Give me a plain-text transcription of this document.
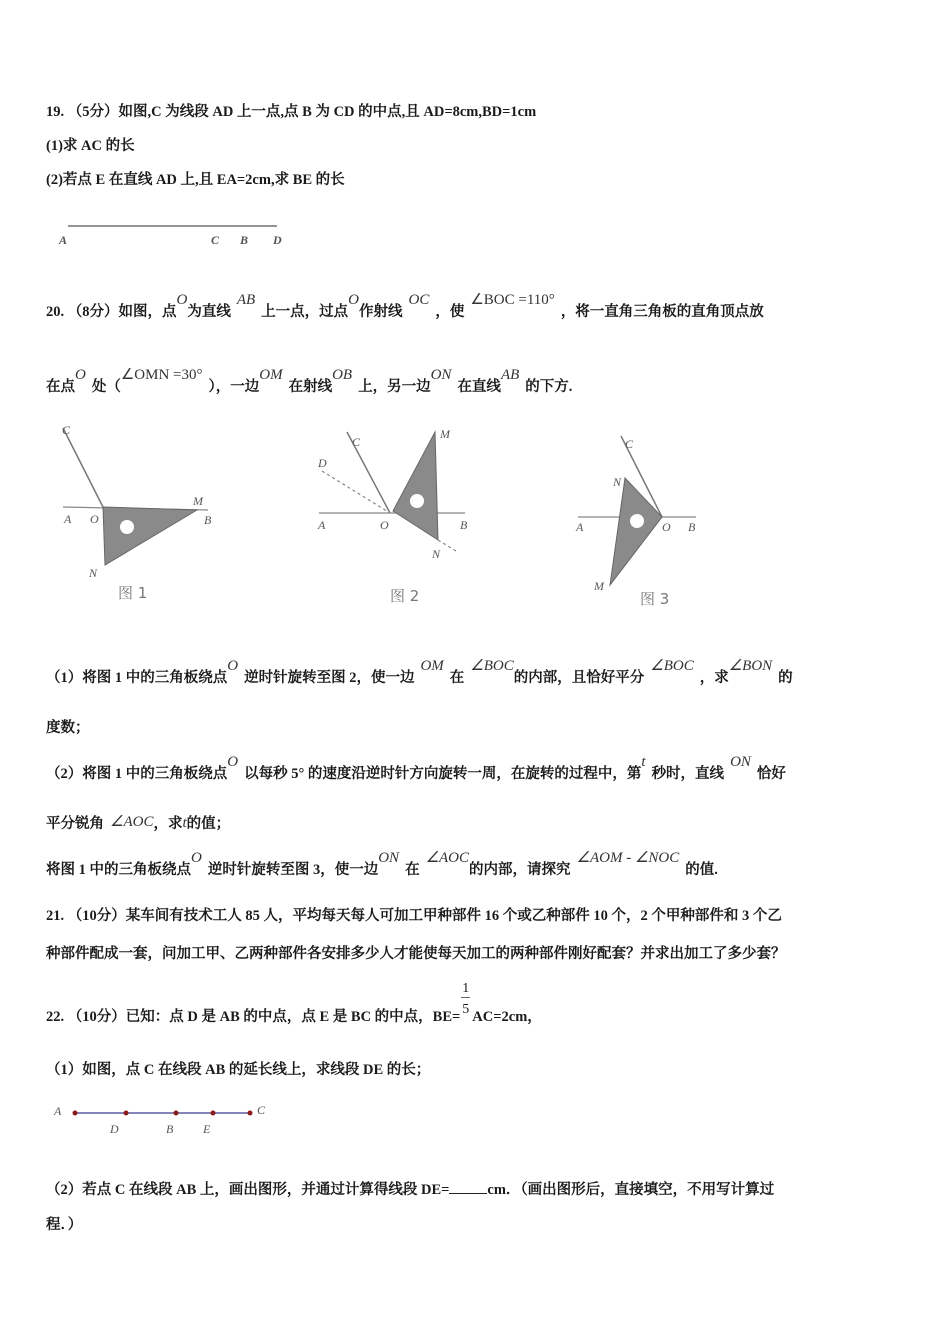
19. （5分）如图,C 为线段 AD 上一点,点 B 为 CD 的中点,且 AD=8cm,BD=1cm
(1)求 AC 的长
(2)若点 E 在直线 AD 上,且 EA=2cm,求 BE 的长
A	C B D
20. （8分）如图，点O为直线AB上一点，过点O作射线OC，使∠BOC =110°，将一直角三角板的直角顶点放
在点O处（∠OMN =30°），一边OM在射线OB上，另一边ON在直线AB的下方.
C
A O
M
B
N
图 1
C
M
D
A	O	B
N
图 2
C
N
A	O B
M
图 3
（1）将图 1 中的三角板绕点O逆时针旋转至图 2，使一边OM在∠BOC的内部，且恰好平分∠BOC，求∠BON的
度数；
（2）将图 1 中的三角板绕点O以每秒 5° 的速度沿逆时针方向旋转一周，在旋转的过程中，第t秒时，直线ON恰好
平分锐角 ∠AOC，求t的值；
将图 1 中的三角板绕点O逆时针旋转至图 3，使一边ON在∠AOC的内部，请探究∠AOM - ∠NOC的值.
21. （10分）某车间有技术工人 85 人，平均每天每人可加工甲种部件 16 个或乙种部件 10 个，2 个甲种部件和 3 个乙
种部件配成一套，问加工甲、乙两种部件各安排多少人才能使每天加工的两种部件刚好配套？并求出加工了多少套？
22. （10分）已知：点 D 是 AB 的中点，点 E 是 BC 的中点，$BE= \frac{1}{5} AC=2cm$，
（1）如图，点 C 在线段 AB 的延长线上，求线段 DE 的长；
A	C
D	B E
（2）若点 C 在线段 AB 上，画出图形，并通过计算得线段 DE=	cm．（画出图形后，直接填空，不用写计算过
程．）
